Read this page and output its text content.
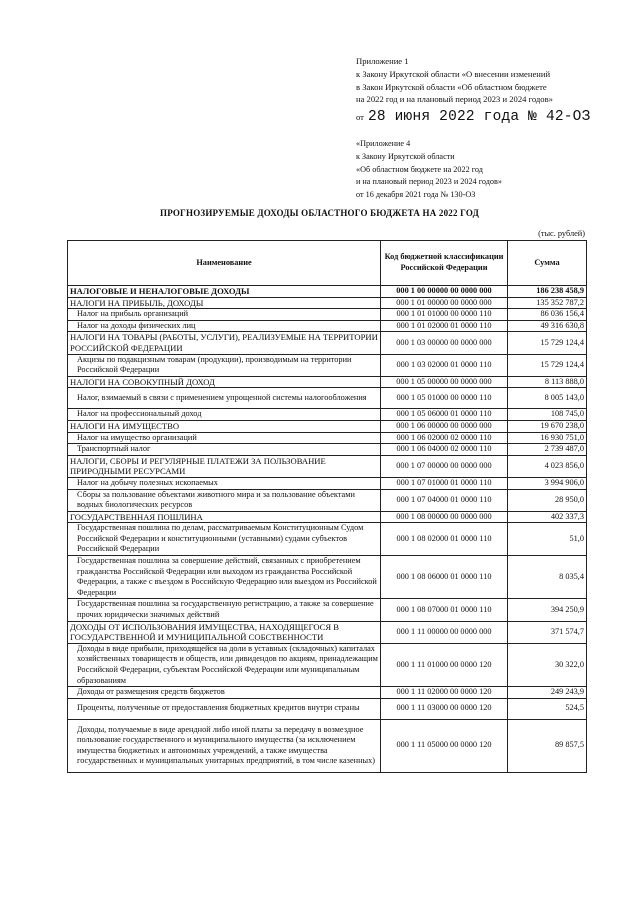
Приложение 1
к Закону Иркутской области «О внесении изменений
в Закон Иркутской области «Об областном бюджете
на 2022 год и на плановый период 2023 и 2024 годов»
от 28 июня 2022 года № 42-ОЗ
«Приложение 4
к Закону Иркутской области
«Об областном бюджете на 2022 год
и на плановый период 2023 и 2024 годов»
от 16 декабря 2021 года № 130-ОЗ
ПРОГНОЗИРУЕМЫЕ ДОХОДЫ ОБЛАСТНОГО БЮДЖЕТА НА 2022 ГОД
(тыс. рублей)
Наименование	Код бюджетной классификации Российской Федерации	Сумма
НАЛОГОВЫЕ И НЕНАЛОГОВЫЕ ДОХОДЫ	000 1 00 00000 00 0000 000	186 238 458,9
НАЛОГИ НА ПРИБЫЛЬ, ДОХОДЫ	000 1 01 00000 00 0000 000	135 352 787,2
Налог на прибыль организаций	000 1 01 01000 00 0000 110	86 036 156,4
Налог на доходы физических лиц	000 1 01 02000 01 0000 110	49 316 630,8
НАЛОГИ НА ТОВАРЫ (РАБОТЫ, УСЛУГИ), РЕАЛИЗУЕМЫЕ НА ТЕРРИТОРИИ РОССИЙСКОЙ ФЕДЕРАЦИИ	000 1 03 00000 00 0000 000	15 729 124,4
Акцизы по подакцизным товарам (продукции), производимым на территории Российской Федерации	000 1 03 02000 01 0000 110	15 729 124,4
НАЛОГИ НА СОВОКУПНЫЙ ДОХОД	000 1 05 00000 00 0000 000	8 113 888,0
Налог, взимаемый в связи с применением упрощенной системы налогообложения	000 1 05 01000 00 0000 110	8 005 143,0
Налог на профессиональный доход	000 1 05 06000 01 0000 110	108 745,0
НАЛОГИ НА ИМУЩЕСТВО	000 1 06 00000 00 0000 000	19 670 238,0
Налог на имущество организаций	000 1 06 02000 02 0000 110	16 930 751,0
Транспортный налог	000 1 06 04000 02 0000 110	2 739 487,0
НАЛОГИ, СБОРЫ И РЕГУЛЯРНЫЕ ПЛАТЕЖИ ЗА ПОЛЬЗОВАНИЕ ПРИРОДНЫМИ РЕСУРСАМИ	000 1 07 00000 00 0000 000	4 023 856,0
Налог на добычу полезных ископаемых	000 1 07 01000 01 0000 110	3 994 906,0
Сборы за пользование объектами животного мира и за пользование объектами водных биологических ресурсов	000 1 07 04000 01 0000 110	28 950,0
ГОСУДАРСТВЕННАЯ ПОШЛИНА	000 1 08 00000 00 0000 000	402 337,3
Государственная пошлина по делам, рассматриваемым Конституционным Судом Российской Федерации и конституционными (уставными) судами субъектов Российской Федерации	000 1 08 02000 01 0000 110	51,0
Государственная пошлина за совершение действий, связанных с приобретением гражданства Российской Федерации или выходом из гражданства Российской Федерации, а также с въездом в Российскую Федерацию или выездом из Российской Федерации	000 1 08 06000 01 0000 110	8 035,4
Государственная пошлина за государственную регистрацию, а также за совершение прочих юридически значимых действий	000 1 08 07000 01 0000 110	394 250,9
ДОХОДЫ ОТ ИСПОЛЬЗОВАНИЯ ИМУЩЕСТВА, НАХОДЯЩЕГОСЯ В ГОСУДАРСТВЕННОЙ И МУНИЦИПАЛЬНОЙ СОБСТВЕННОСТИ	000 1 11 00000 00 0000 000	371 574,7
Доходы в виде прибыли, приходящейся на доли в уставных (складочных) капиталах хозяйственных товариществ и обществ, или дивидендов по акциям, принадлежащим Российской Федерации, субъектам Российской Федерации или муниципальным образованиям	000 1 11 01000 00 0000 120	30 322,0
Доходы от размещения средств бюджетов	000 1 11 02000 00 0000 120	249 243,9
Проценты, полученные от предоставления бюджетных кредитов внутри страны	000 1 11 03000 00 0000 120	524,5
Доходы, получаемые в виде арендной либо иной платы за передачу в возмездное пользование государственного и муниципального имущества (за исключением имущества бюджетных и автономных учреждений, а также имущества государственных и муниципальных унитарных предприятий, в том числе казенных)	000 1 11 05000 00 0000 120	89 857,5
